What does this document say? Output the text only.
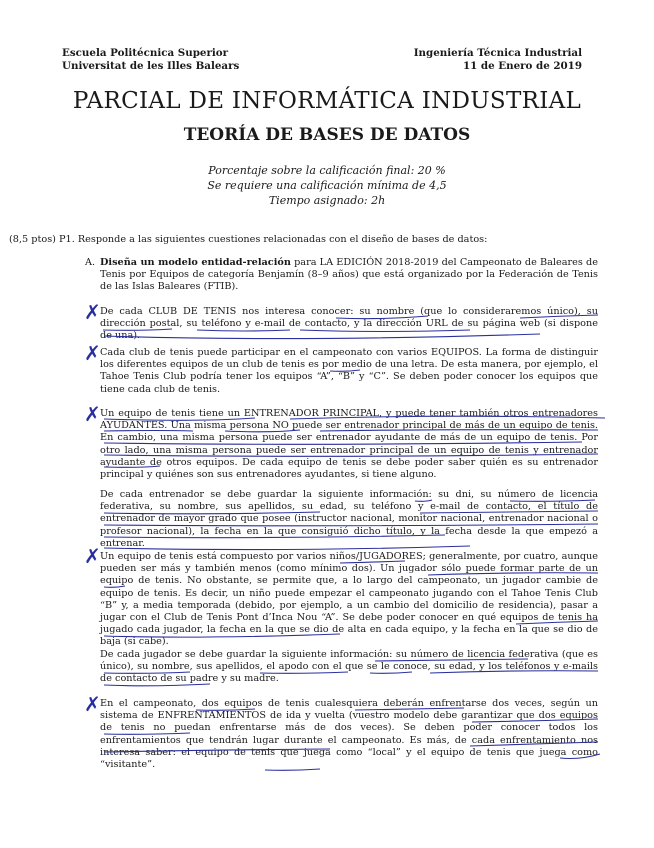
Escuela Politécnica Superior
Universitat de les Illes Balears
Ingeniería Técnica Industrial
11 de Enero de 2019
PARCIAL DE INFORMÁTICA INDUSTRIAL
TEORÍA DE BASES DE DATOS
Porcentaje sobre la calificación final: 20 %
Se requiere una calificación mínima de 4,5
Tiempo asignado: 2h
(8,5 ptos) P1. Responde a las siguientes cuestiones relacionadas con el diseño de bases de datos:
A. Diseña un modelo entidad-relación para LA EDICIÓN 2018-2019 del Campeonato de Baleares de Tenis por Equipos de categoría Benjamín (8–9 años) que está organizado por la Federación de Tenis de las Islas Baleares (FTIB).
De cada CLUB DE TENIS nos interesa conocer: su nombre (que lo consideraremos único), su dirección postal, su teléfono y e-mail de contacto, y la dirección URL de su página web (si dispone de una).
Cada club de tenis puede participar en el campeonato con varios EQUIPOS. La forma de distinguir los diferentes equipos de un club de tenis es por medio de una letra. De esta manera, por ejemplo, el Tahoe Tenis Club podría tener los equipos “A”, “B” y “C”. Se deben poder conocer los equipos que tiene cada club de tenis.
Un equipo de tenis tiene un ENTRENADOR PRINCIPAL, y puede tener también otros entrenadores AYUDANTES. Una misma persona NO puede ser entrenador principal de más de un equipo de tenis. En cambio, una misma persona puede ser entrenador ayudante de más de un equipo de tenis. Por otro lado, una misma persona puede ser entrenador principal de un equipo de tenis y entrenador ayudante de otros equipos. De cada equipo de tenis se debe poder saber quién es su entrenador principal y quiénes son sus entrenadores ayudantes, si tiene alguno.
De cada entrenador se debe guardar la siguiente información: su dni, su número de licencia federativa, su nombre, sus apellidos, su edad, su teléfono y e-mail de contacto, el título de entrenador de mayor grado que posee (instructor nacional, monitor nacional, entrenador nacional o profesor nacional), la fecha en la que consiguió dicho título, y la fecha desde la que empezó a entrenar.
Un equipo de tenis está compuesto por varios niños/JUGADORES; generalmente, por cuatro, aunque pueden ser más y también menos (como mínimo dos). Un jugador sólo puede formar parte de un equipo de tenis. No obstante, se permite que, a lo largo del campeonato, un jugador cambie de equipo de tenis. Es decir, un niño puede empezar el campeonato jugando con el Tahoe Tenis Club “B” y, a media temporada (debido, por ejemplo, a un cambio del domicilio de residencia), pasar a jugar con el Club de Tenis Pont d’Inca Nou “A”. Se debe poder conocer en qué equipos de tenis ha jugado cada jugador, la fecha en la que se dio de alta en cada equipo, y la fecha en la que se dio de baja (si cabe).
De cada jugador se debe guardar la siguiente información: su número de licencia federativa (que es único), su nombre, sus apellidos, el apodo con el que se le conoce, su edad, y los teléfonos y e-mails de contacto de su padre y su madre.
En el campeonato, dos equipos de tenis cualesquiera deberán enfrentarse dos veces, según un sistema de ENFRENTAMIENTOS de ida y vuelta (vuestro modelo debe garantizar que dos equipos de tenis no puedan enfrentarse más de dos veces). Se deben poder conocer todos los enfrentamientos que tendrán lugar durante el campeonato. Es más, de cada enfrentamiento nos interesa saber: el equipo de tenis que juega como “local” y el equipo de tenis que juega como “visitante”.
✗
✗
✗
✗
✗
